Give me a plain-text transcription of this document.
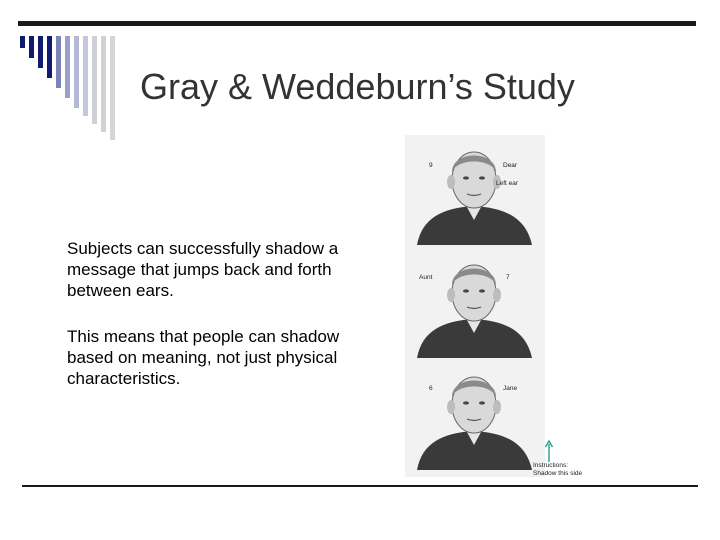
Gray & Weddeburn’s Study
Subjects can successfully shadow a message that jumps back and forth between ears.
This means that people can shadow based on meaning, not just physical characteristics.
9	Dear
Left ear
Aunt	7
6	Jane
Instructions:
Shadow this side
